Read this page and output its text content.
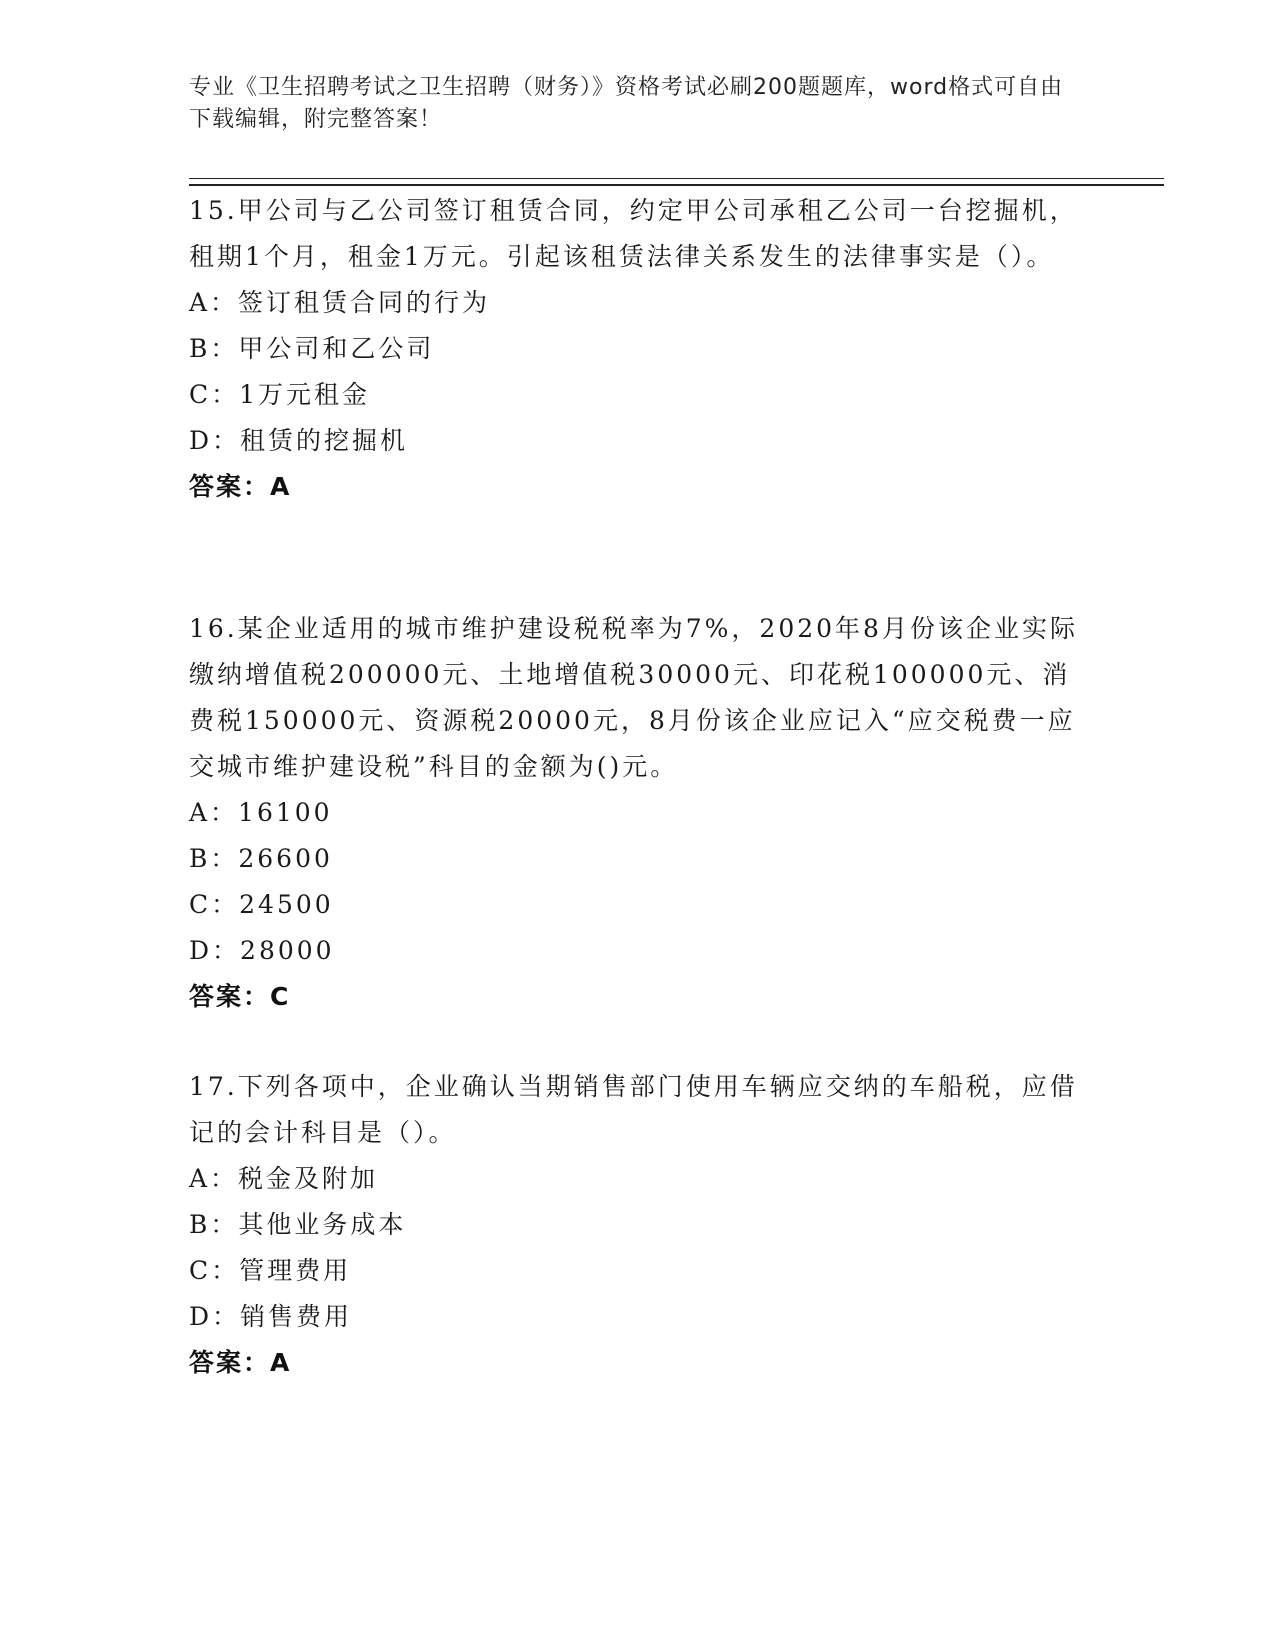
专业《卫生招聘考试之卫生招聘（财务）》资格考试必刷200题题库，word格式可自由下载编辑，附完整答案！

15.甲公司与乙公司签订租赁合同，约定甲公司承租乙公司一台挖掘机，租期1个月，租金1万元。引起该租赁法律关系发生的法律事实是（）。

A：签订租赁合同的行为
B：甲公司和乙公司
C：1万元租金
D：租赁的挖掘机
答案：A

16.某企业适用的城市维护建设税税率为7%，2020年8月份该企业实际缴纳增值税200000元、土地增值税30000元、印花税100000元、消费税150000元、资源税20000元，8月份该企业应记入“应交税费一应交城市维护建设税”科目的金额为()元。

A：16100
B：26600
C：24500
D：28000
答案：C

17.下列各项中，企业确认当期销售部门使用车辆应交纳的车船税，应借记的会计科目是（）。

A：税金及附加
B：其他业务成本
C：管理费用
D：销售费用
答案：A
